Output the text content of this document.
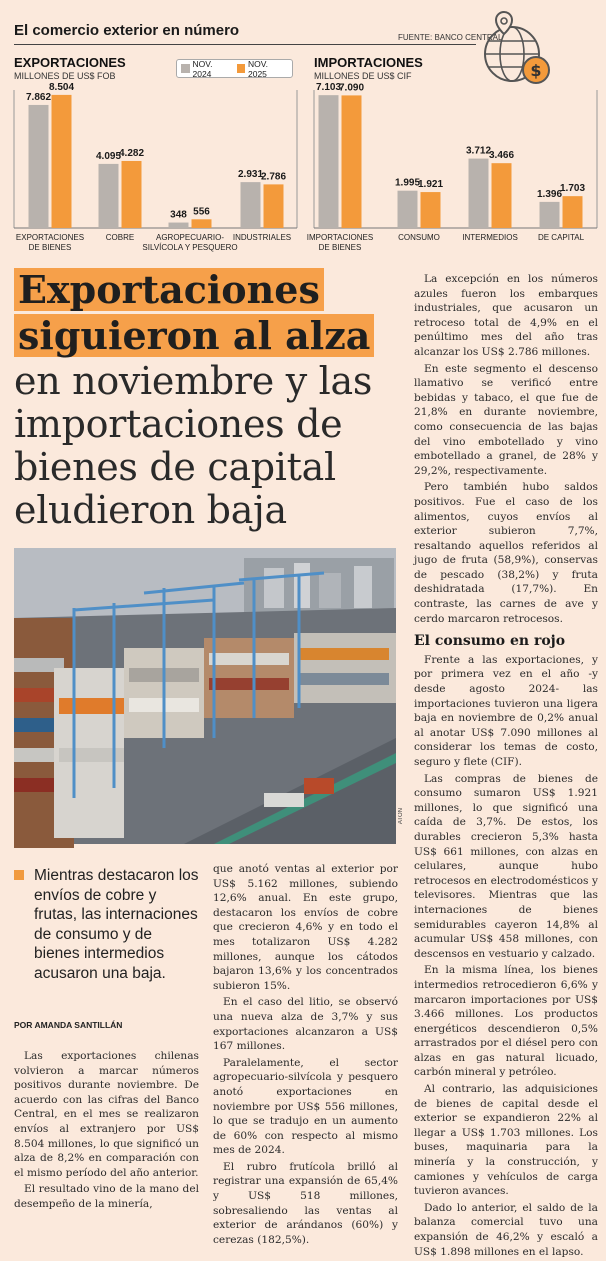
El comercio exterior en número	FUENTE: BANCO CENTRAL
$
EXPORTACIONES
MILLONES DE US$ FOB
IMPORTACIONES
MILLONES DE US$ CIF
NOV. 2024
NOV. 2025
7.862
8.504
EXPORTACIONES
DE BIENES
4.095
4.282
COBRE
348 556
AGROPECUARIO-
SILVÍCOLA Y PESQUERO
2.931
2.786
INDUSTRIALES
7.103
7.090
IMPORTACIONES
DE BIENES
1.995
1.921
CONSUMO
3.712
3.466
INTERMEDIOS
1.396
1.703
DE CAPITAL
Exportaciones
siguieron al alza
en noviembre y las
importaciones de
bienes de capital
eludieron baja
ATON
Mientras destacaron los envíos de cobre y frutas, las internaciones de consumo y de bienes intermedios acusaron una baja.
POR AMANDA SANTILLÁN

Las exportaciones chilenas volvieron a marcar números positivos durante noviembre. De acuerdo con las cifras del Banco Central, en el mes se realizaron envíos al extranjero por US$ 8.504 millones, lo que significó un alza de 8,2% en comparación con el mismo período del año anterior.

El resultado vino de la mano del desempeño de la minería,

que anotó ventas al exterior por US$ 5.162 millones, subiendo 12,6% anual. En este grupo, destacaron los envíos de cobre que crecieron 4,6% y en todo el mes totalizaron US$ 4.282 millones, aunque los cátodos bajaron 13,6% y los concentrados subieron 15%.

En el caso del litio, se observó una nueva alza de 3,7% y sus exportaciones alcanzaron a US$ 167 millones.

Paralelamente, el sector agropecuario-silvícola y pesquero anotó exportaciones en noviembre por US$ 556 millones, lo que se tradujo en un aumento de 60% con respecto al mismo mes de 2024.

El rubro frutícola brilló al registrar una expansión de 65,4% y US$ 518 millones, sobresaliendo las ventas al exterior de arándanos (60%) y cerezas (182,5%).

La excepción en los números azules fueron los embarques industriales, que acusaron un retroceso total de 4,9% en el penúltimo mes del año tras alcanzar los US$ 2.786 millones.

En este segmento el descenso llamativo se verificó entre bebidas y tabaco, el que fue de 21,8% en durante noviembre, como consecuencia de las bajas del vino embotellado y vino embotellado a granel, de 28% y 29,2%, respectivamente.

Pero también hubo saldos positivos. Fue el caso de los alimentos, cuyos envíos al exterior subieron 7,7%, resaltando aquellos referidos al jugo de fruta (58,9%), conservas de pescado (38,2%) y fruta deshidratada (17,7%). En contraste, las carnes de ave y cerdo marcaron retrocesos.

El consumo en rojo

Frente a las exportaciones, y por primera vez en el año -y desde agosto 2024- las importaciones tuvieron una ligera baja en noviembre de 0,2% anual al anotar US$ 7.090 millones al considerar los temas de costo, seguro y flete (CIF).

Las compras de bienes de consumo sumaron US$ 1.921 millones, lo que significó una caída de 3,7%. De estos, los durables crecieron 5,3% hasta US$ 661 millones, con alzas en celulares, aunque hubo retrocesos en electrodomésticos y televisores. Mientras que las internaciones de bienes semidurables cayeron 14,8% al acumular US$ 458 millones, con descensos en vestuario y calzado.

En la misma línea, los bienes intermedios retrocedieron 6,6% y marcaron importaciones por US$ 3.466 millones. Los productos energéticos descendieron 0,5% arrastrados por el diésel pero con alzas en gas natural licuado, carbón mineral y petróleo.

Al contrario, las adquisiciones de bienes de capital desde el exterior se expandieron 22% al llegar a US$ 1.703 millones. Los buses, maquinaria para la minería y la construcción, y camiones y vehículos de carga tuvieron avances.

Dado lo anterior, el saldo de la balanza comercial tuvo una expansión de 46,2% y escaló a US$ 1.898 millones en el lapso.
